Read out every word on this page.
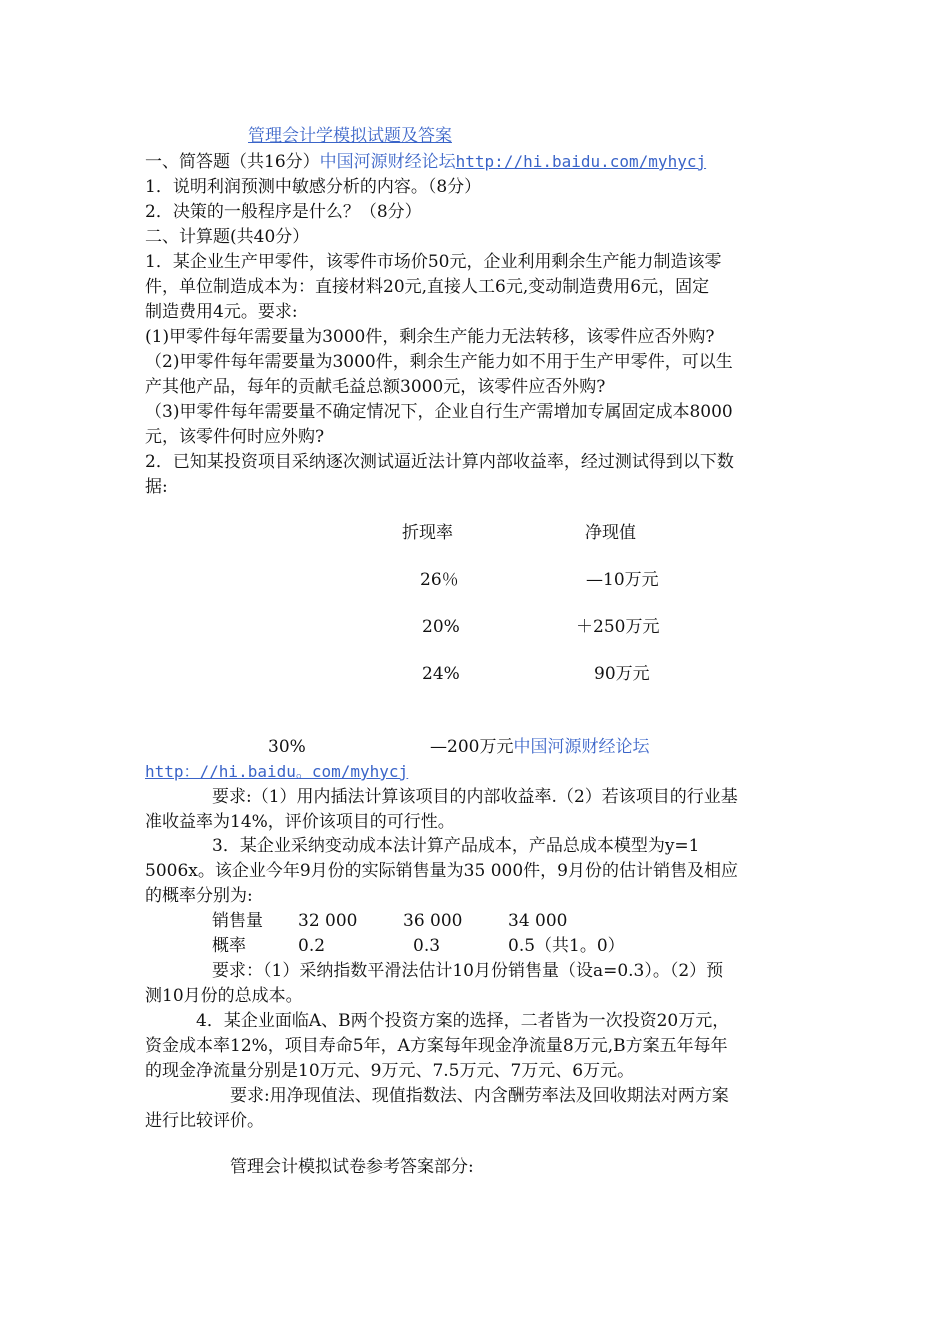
管理会计学模拟试题及答案

一、简答题（共16分）中国河源财经论坛http://hi.baidu.com/myhycj

1．说明利润预测中敏感分析的内容。（8分）

2．决策的一般程序是什么？（8分）

二、计算题(共40分）

1．某企业生产甲零件，该零件市场价50元，企业利用剩余生产能力制造该零

件，单位制造成本为：直接材料20元,直接人工6元,变动制造费用6元，固定

制造费用4元。要求:

(1)甲零件每年需要量为3000件，剩余生产能力无法转移，该零件应否外购?

（2)甲零件每年需要量为3000件，剩余生产能力如不用于生产甲零件，可以生

产其他产品，每年的贡献毛益总额3000元，该零件应否外购?

（3)甲零件每年需要量不确定情况下，企业自行生产需增加专属固定成本8000

元，该零件何时应外购?

2．已知某投资项目采纳逐次测试逼近法计算内部收益率，经过测试得到以下数

据:

折现率	净现值
26％	—10万元
20%	＋250万元
24%	90万元
30%	—200万元中国河源财经论坛

http：//hi.baidu。com/myhycj

要求:（1）用内插法计算该项目的内部收益率.（2）若该项目的行业基

准收益率为14%，评价该项目的可行性。

3．某企业采纳变动成本法计算产品成本，产品总成本模型为y=1

5006x。该企业今年9月份的实际销售量为35 000件，9月份的估计销售及相应

的概率分别为:

销售量 32 000	36 000	34 000
概率	0.2	0.3	0.5（共1。0）

要求：（1）采纳指数平滑法估计10月份销售量（设a=0.3）。（2）预

测10月份的总成本。

4．某企业面临A、B两个投资方案的选择，二者皆为一次投资20万元，

资金成本率12%，项目寿命5年，A方案每年现金净流量8万元,B方案五年每年

的现金净流量分别是10万元、9万元、7.5万元、7万元、6万元。

要求:用净现值法、现值指数法、内含酬劳率法及回收期法对两方案

进行比较评价。

管理会计模拟试卷参考答案部分:
